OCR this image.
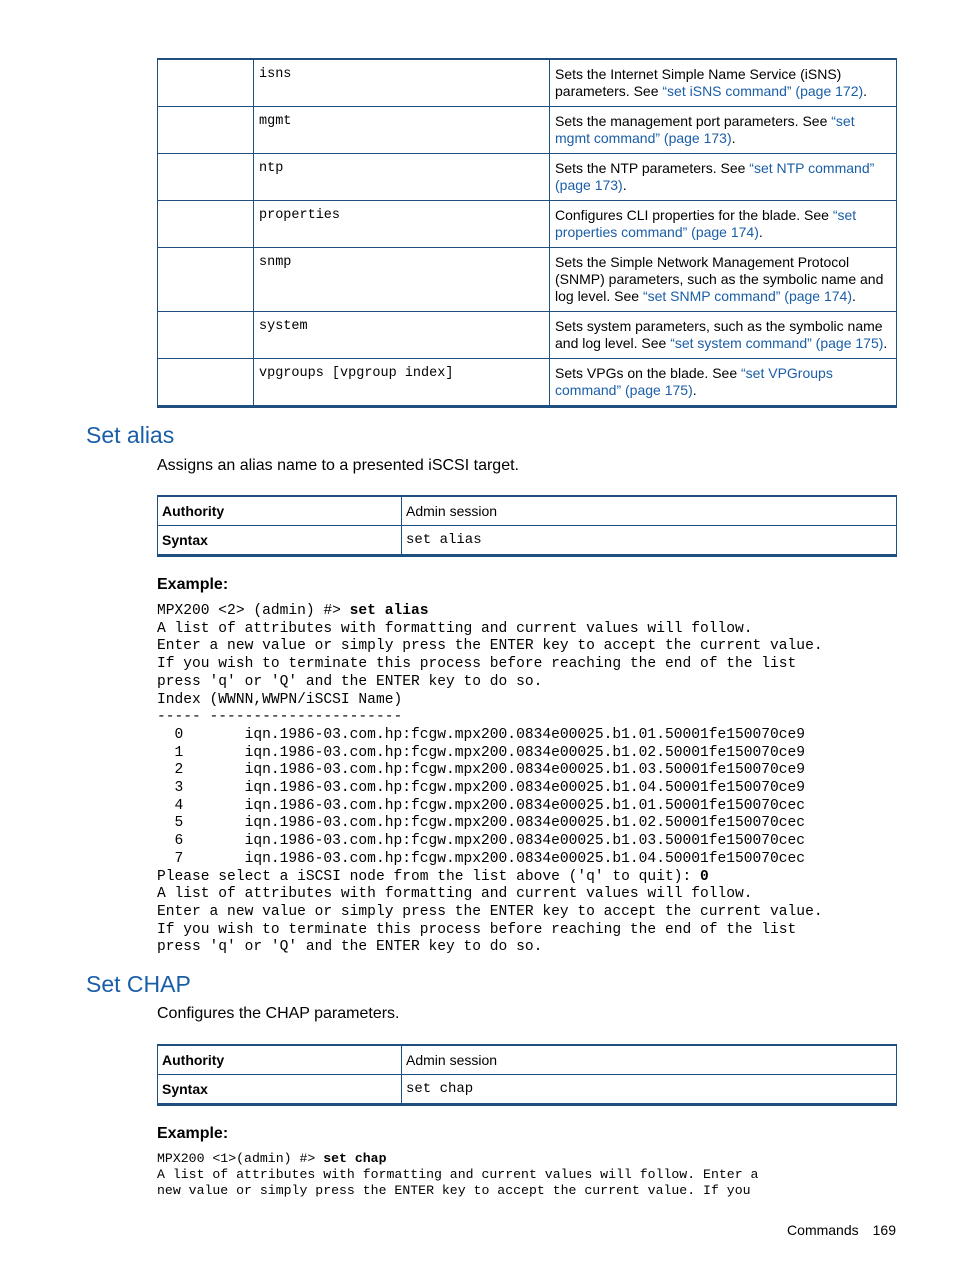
	isns	Sets the Internet Simple Name Service (iSNS) parameters. See “set iSNS command” (page 172).
	mgmt	Sets the management port parameters. See “set mgmt command” (page 173).
	ntp	Sets the NTP parameters. See “set NTP command” (page 173).
	properties	Configures CLI properties for the blade. See “set properties command” (page 174).
	snmp	Sets the Simple Network Management Protocol (SNMP) parameters, such as the symbolic name and log level. See “set SNMP command” (page 174).
	system	Sets system parameters, such as the symbolic name and log level. See “set system command” (page 175).
	vpgroups [vpgroup index]	Sets VPGs on the blade. See “set VPGroups command” (page 175).
Set alias

Assigns an alias name to a presented iSCSI target.

Authority	Admin session
Syntax	set alias

Example:

MPX200 <2> (admin) #> set alias
A list of attributes with formatting and current values will follow.
Enter a new value or simply press the ENTER key to accept the current value.
If you wish to terminate this process before reaching the end of the list
press 'q' or 'Q' and the ENTER key to do so.
Index (WWNN,WWPN/iSCSI Name)
----- ----------------------
0       iqn.1986-03.com.hp:fcgw.mpx200.0834e00025.b1.01.50001fe150070ce9
1       iqn.1986-03.com.hp:fcgw.mpx200.0834e00025.b1.02.50001fe150070ce9
2       iqn.1986-03.com.hp:fcgw.mpx200.0834e00025.b1.03.50001fe150070ce9
3       iqn.1986-03.com.hp:fcgw.mpx200.0834e00025.b1.04.50001fe150070ce9
4       iqn.1986-03.com.hp:fcgw.mpx200.0834e00025.b1.01.50001fe150070cec
5       iqn.1986-03.com.hp:fcgw.mpx200.0834e00025.b1.02.50001fe150070cec
6       iqn.1986-03.com.hp:fcgw.mpx200.0834e00025.b1.03.50001fe150070cec
7       iqn.1986-03.com.hp:fcgw.mpx200.0834e00025.b1.04.50001fe150070cec
Please select a iSCSI node from the list above ('q' to quit): 0
A list of attributes with formatting and current values will follow.
Enter a new value or simply press the ENTER key to accept the current value.
If you wish to terminate this process before reaching the end of the list
press 'q' or 'Q' and the ENTER key to do so.
Set CHAP

Configures the CHAP parameters.

Authority	Admin session
Syntax	set chap

Example:

MPX200 <1>(admin) #> set chap
A list of attributes with formatting and current values will follow. Enter a
new value or simply press the ENTER key to accept the current value. If you
Commands 169
